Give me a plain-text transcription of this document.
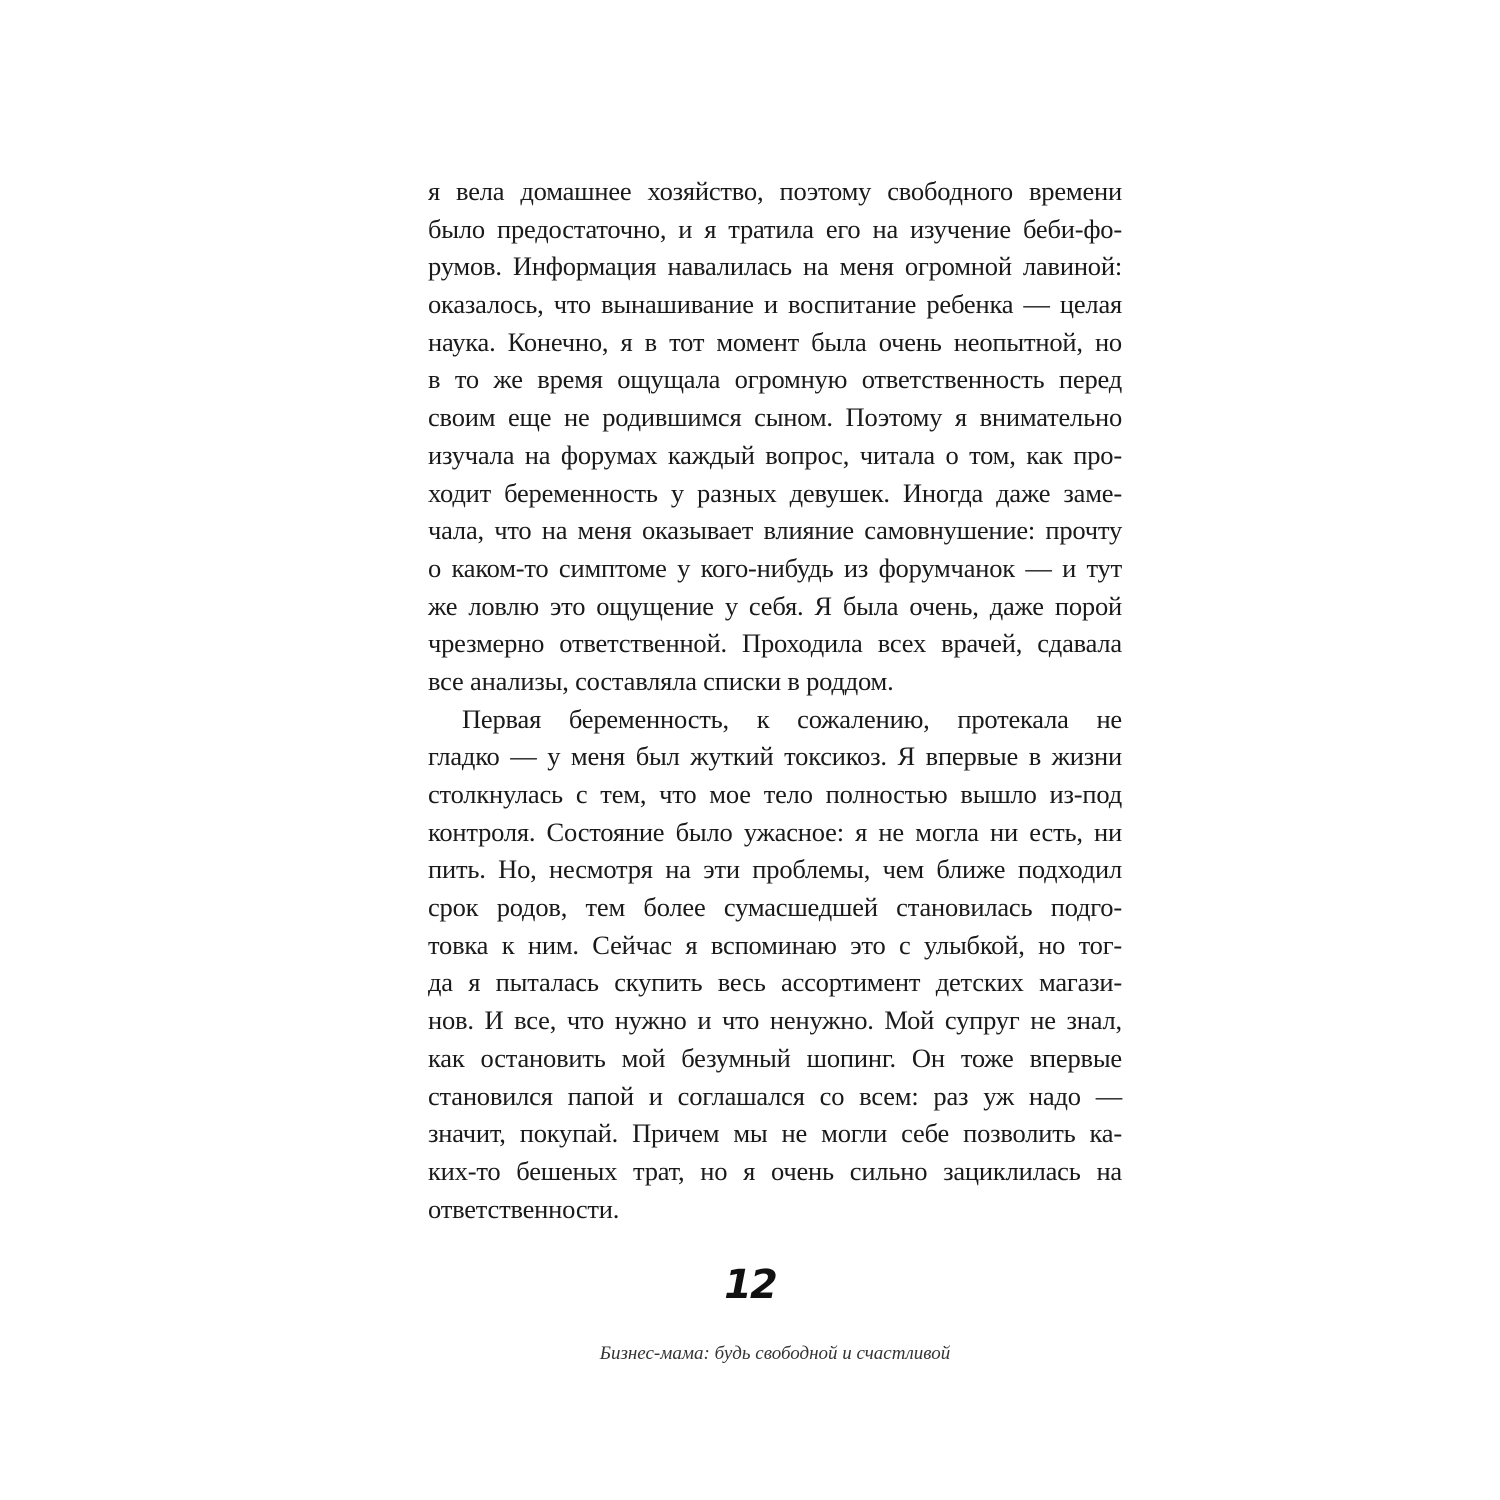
я вела домашнее хозяйство, поэтому свободного времени
было предостаточно, и я тратила его на изучение беби-фо-
румов. Информация навалилась на меня огромной лавиной:
оказалось, что вынашивание и воспитание ребенка — целая
наука. Конечно, я в тот момент была очень неопытной, но
в то же время ощущала огромную ответственность перед
своим еще не родившимся сыном. Поэтому я внимательно
изучала на форумах каждый вопрос, читала о том, как про-
ходит беременность у разных девушек. Иногда даже заме-
чала, что на меня оказывает влияние самовнушение: прочту
о каком-то симптоме у кого-нибудь из форумчанок — и тут
же ловлю это ощущение у себя. Я была очень, даже порой
чрезмерно ответственной. Проходила всех врачей, сдавала
все анализы, составляла списки в роддом.
Первая беременность, к сожалению, протекала не
гладко — у меня был жуткий токсикоз. Я впервые в жизни
столкнулась с тем, что мое тело полностью вышло из-под
контроля. Состояние было ужасное: я не могла ни есть, ни
пить. Но, несмотря на эти проблемы, чем ближе подходил
срок родов, тем более сумасшедшей становилась подго-
товка к ним. Сейчас я вспоминаю это с улыбкой, но тог-
да я пыталась скупить весь ассортимент детских магази-
нов. И все, что нужно и что ненужно. Мой супруг не знал,
как остановить мой безумный шопинг. Он тоже впервые
становился папой и соглашался со всем: раз уж надо —
значит, покупай. Причем мы не могли себе позволить ка-
ких-то бешеных трат, но я очень сильно зациклилась на
ответственности.
12
Бизнес-мама: будь свободной и счастливой
